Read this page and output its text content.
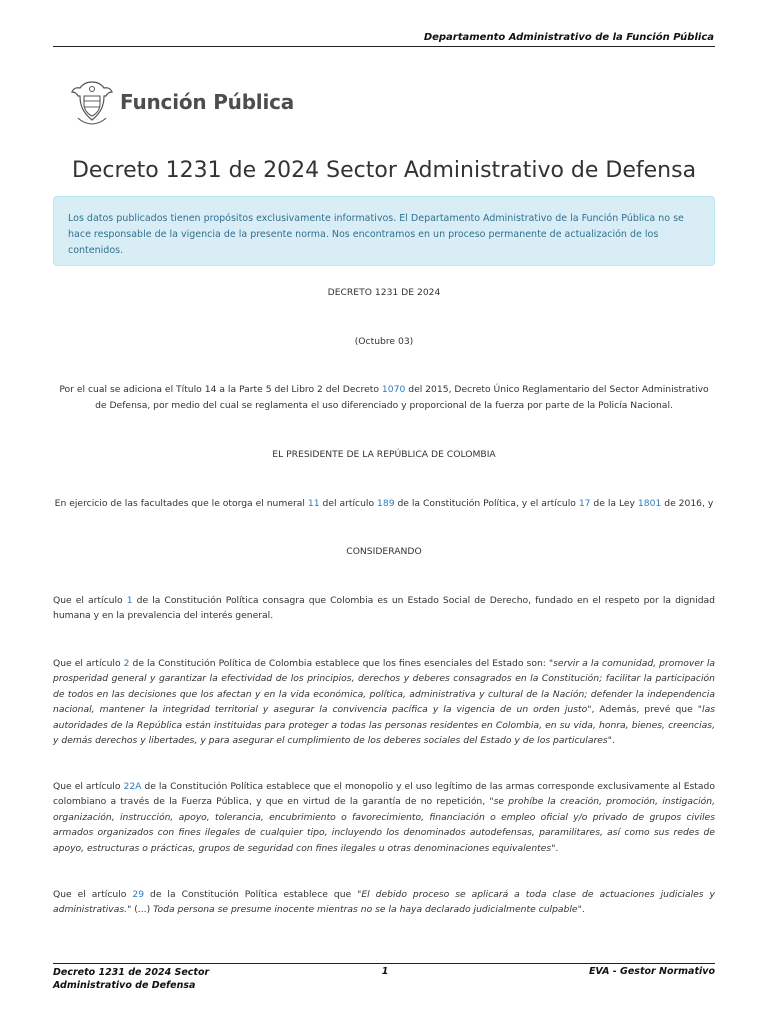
Departamento Administrativo de la Función Pública
Función Pública
Decreto 1231 de 2024 Sector Administrativo de Defensa
Los datos publicados tienen propósitos exclusivamente informativos. El Departamento Administrativo de la Función Pública no se hace responsable de la vigencia de la presente norma. Nos encontramos en un proceso permanente de actualización de los contenidos.
DECRETO 1231 DE 2024
(Octubre 03)
Por el cual se adiciona el Título 14 a la Parte 5 del Libro 2 del Decreto 1070 del 2015, Decreto Único Reglamentario del Sector Administrativo de Defensa, por medio del cual se reglamenta el uso diferenciado y proporcional de la fuerza por parte de la Policía Nacional.
EL PRESIDENTE DE LA REPÚBLICA DE COLOMBIA
En ejercicio de las facultades que le otorga el numeral 11 del artículo 189 de la Constitución Política, y el artículo 17 de la Ley 1801 de 2016, y
CONSIDERANDO
Que el artículo 1 de la Constitución Política consagra que Colombia es un Estado Social de Derecho, fundado en el respeto por la dignidad humana y en la prevalencia del interés general.
Que el artículo 2 de la Constitución Política de Colombia establece que los fines esenciales del Estado son: "servir a la comunidad, promover la prosperidad general y garantizar la efectividad de los principios, derechos y deberes consagrados en la Constitución; facilitar la participación de todos en las decisiones que los afectan y en la vida económica, política, administrativa y cultural de la Nación; defender la independencia nacional, mantener la integridad territorial y asegurar la convivencia pacífica y la vigencia de un orden justo", Además, prevé que "las autoridades de la República están instituidas para proteger a todas las personas residentes en Colombia, en su vida, honra, bienes, creencias, y demás derechos y libertades, y para asegurar el cumplimiento de los deberes sociales del Estado y de los particulares".
Que el artículo 22A de la Constitución Política establece que el monopolio y el uso legítimo de las armas corresponde exclusivamente al Estado colombiano a través de la Fuerza Pública, y que en virtud de la garantía de no repetición, "se prohíbe la creación, promoción, instigación, organización, instrucción, apoyo, tolerancia, encubrimiento o favorecimiento, financiación o empleo oficial y/o privado de grupos civiles armados organizados con fines ilegales de cualquier tipo, incluyendo los denominados autodefensas, paramilitares, así como sus redes de apoyo, estructuras o prácticas, grupos de seguridad con fines ilegales u otras denominaciones equivalentes".
Que el artículo 29 de la Constitución Política establece que "El debido proceso se aplicará a toda clase de actuaciones judiciales y administrativas." (...) Toda persona se presume inocente mientras no se la haya declarado judicialmente culpable".
Decreto 1231 de 2024 Sector Administrativo de Defensa
1	EVA - Gestor Normativo
